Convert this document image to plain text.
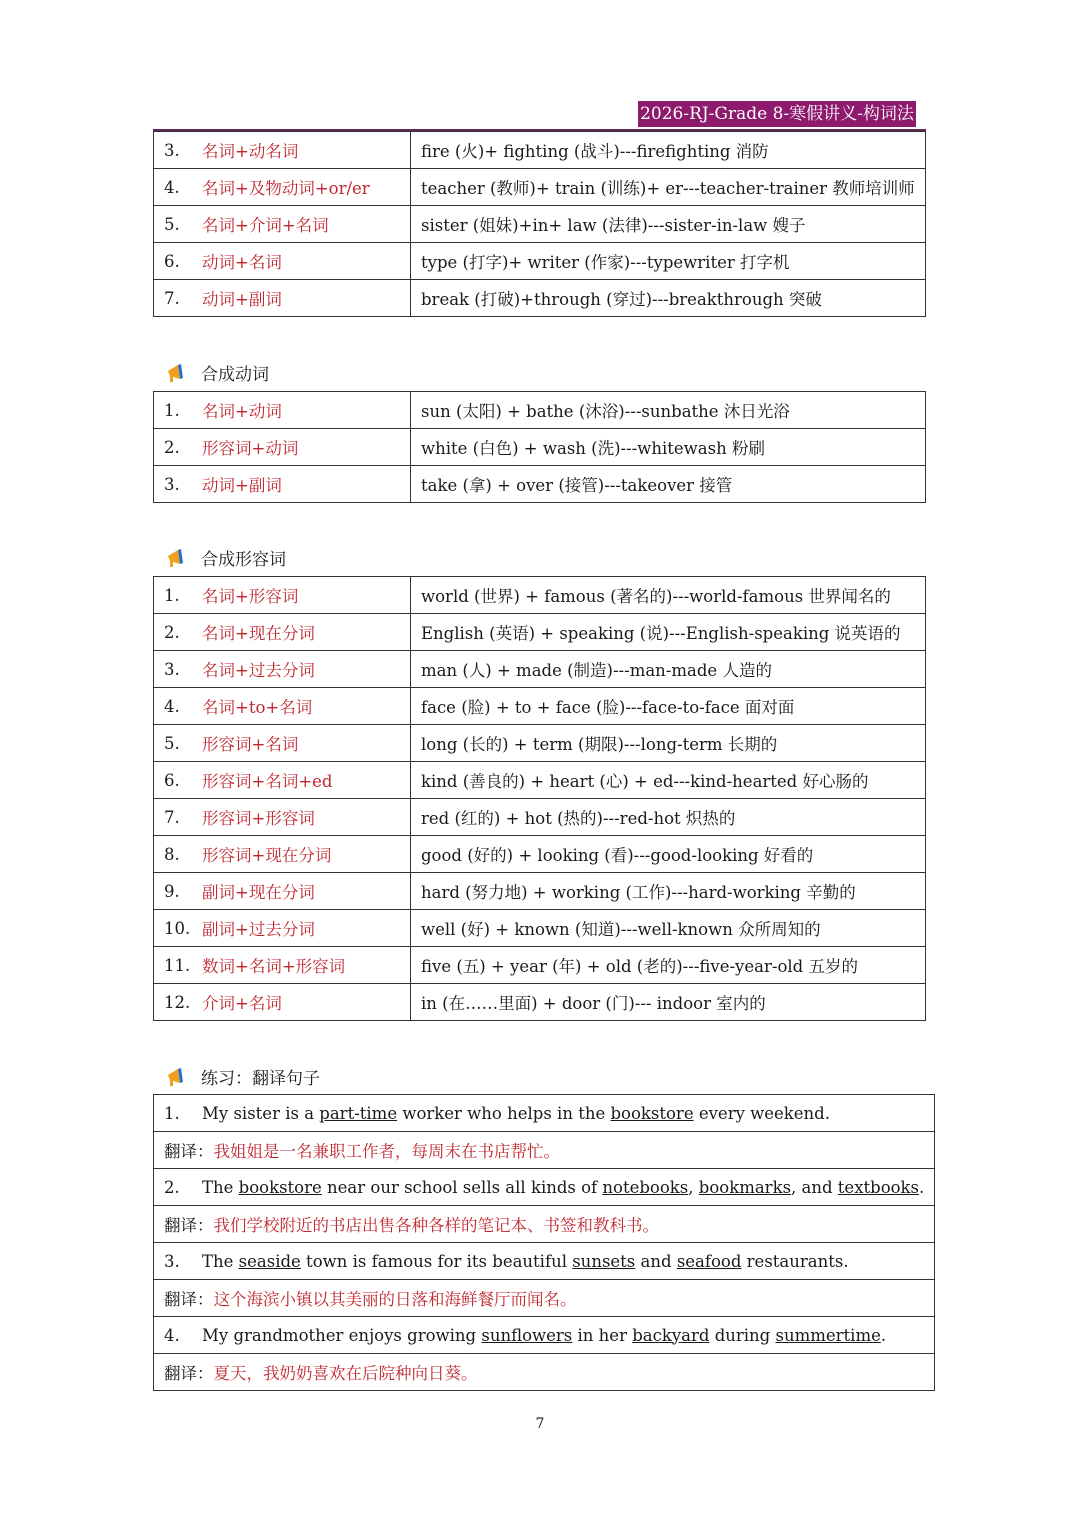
2026-RJ-Grade 8-寒假讲义-构词法
3. 名词+动名词	fire (火)+ fighting (战斗)---firefighting 消防

4. 名词+及物动词+or/er	teacher (教师)+ train (训练)+ er---teacher-trainer 教师培训师

5. 名词+介词+名词	sister (姐妹)+in+ law (法律)---sister-in-law 嫂子

6. 动词+名词	type (打字)+ writer (作家)---typewriter 打字机

7. 动词+副词	break (打破)+through (穿过)---breakthrough 突破
合成动词
1. 名词+动词	sun (太阳) + bathe (沐浴)---sunbathe 沐日光浴

2. 形容词+动词	white (白色) + wash (洗)---whitewash 粉刷

3. 动词+副词	take (拿) + over (接管)---takeover 接管
合成形容词
1. 名词+形容词	world (世界) + famous (著名的)---world-famous 世界闻名的

2. 名词+现在分词	English (英语) + speaking (说)---English-speaking 说英语的

3. 名词+过去分词	man (人) + made (制造)---man-made 人造的

4. 名词+to+名词	face (脸) + to + face (脸)---face-to-face 面对面

5. 形容词+名词	long (长的) + term (期限)---long-term 长期的

6. 形容词+名词+ed	kind (善良的) + heart (心) + ed---kind-hearted 好心肠的

7. 形容词+形容词	red (红的) + hot (热的)---red-hot 炽热的

8. 形容词+现在分词	good (好的) + looking (看)---good-looking 好看的

9. 副词+现在分词	hard (努力地) + working (工作)---hard-working 辛勤的

10. 副词+过去分词	well (好) + known (知道)---well-known 众所周知的

11. 数词+名词+形容词	five (五) + year (年) + old (老的)---five-year-old 五岁的

12. 介词+名词	in (在……里面) + door (门)--- indoor 室内的
练习：翻译句子
1. My sister is a part-time worker who helps in the bookstore every weekend.
翻译：我姐姐是一名兼职工作者，每周末在书店帮忙。
2. The bookstore near our school sells all kinds of notebooks, bookmarks, and textbooks.
翻译：我们学校附近的书店出售各种各样的笔记本、书签和教科书。
3. The seaside town is famous for its beautiful sunsets and seafood restaurants.
翻译：这个海滨小镇以其美丽的日落和海鲜餐厅而闻名。
4. My grandmother enjoys growing sunflowers in her backyard during summertime.
翻译：夏天，我奶奶喜欢在后院种向日葵。
7
